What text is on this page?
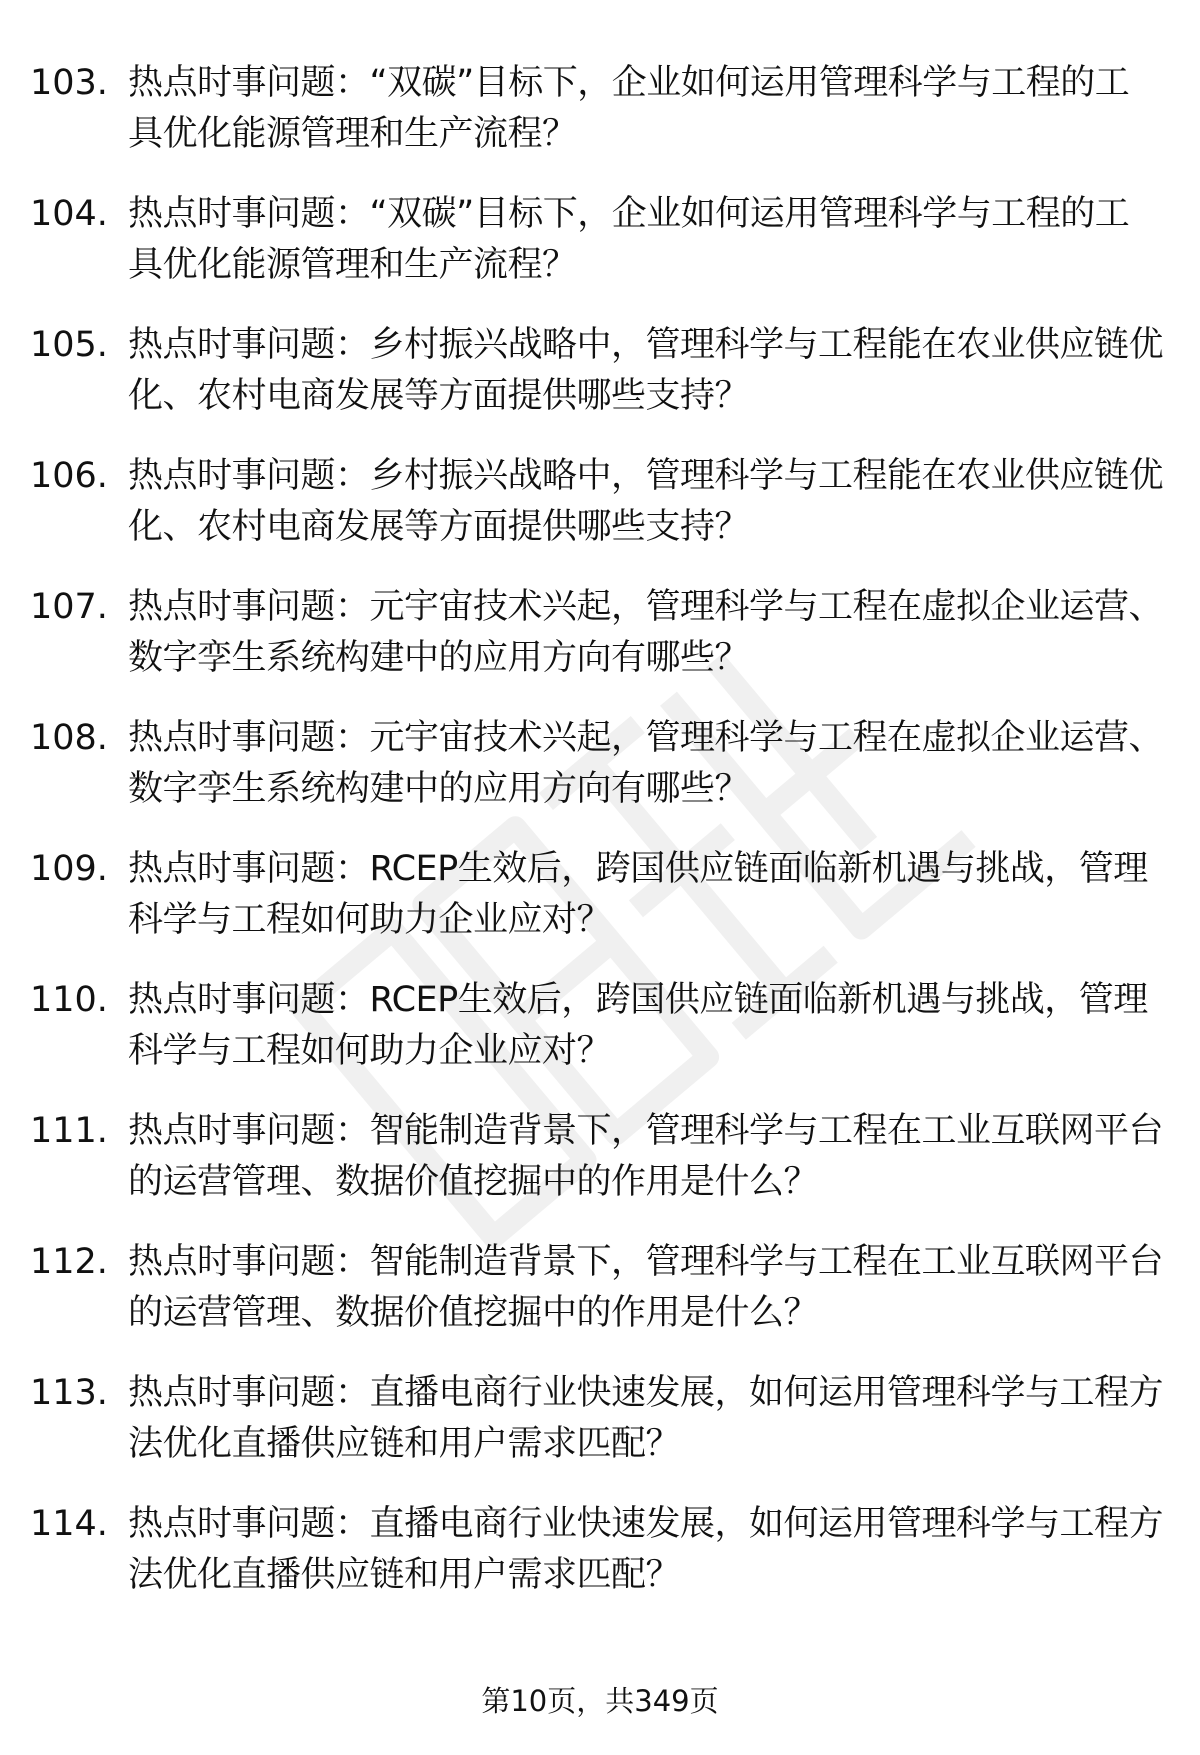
103. 热点时事问题：“双碳”目标下，企业如何运用管理科学与工程的工具优化能源管理和生产流程？
104. 热点时事问题：“双碳”目标下，企业如何运用管理科学与工程的工具优化能源管理和生产流程？
105. 热点时事问题：乡村振兴战略中，管理科学与工程能在农业供应链优化、农村电商发展等方面提供哪些支持？
106. 热点时事问题：乡村振兴战略中，管理科学与工程能在农业供应链优化、农村电商发展等方面提供哪些支持？
107. 热点时事问题：元宇宙技术兴起，管理科学与工程在虚拟企业运营、数字孪生系统构建中的应用方向有哪些？
108. 热点时事问题：元宇宙技术兴起，管理科学与工程在虚拟企业运营、数字孪生系统构建中的应用方向有哪些？
109. 热点时事问题：RCEP生效后，跨国供应链面临新机遇与挑战，管理科学与工程如何助力企业应对？
110. 热点时事问题：RCEP生效后，跨国供应链面临新机遇与挑战，管理科学与工程如何助力企业应对？
111. 热点时事问题：智能制造背景下，管理科学与工程在工业互联网平台的运营管理、数据价值挖掘中的作用是什么？
112. 热点时事问题：智能制造背景下，管理科学与工程在工业互联网平台的运营管理、数据价值挖掘中的作用是什么？
113. 热点时事问题：直播电商行业快速发展，如何运用管理科学与工程方法优化直播供应链和用户需求匹配？
114. 热点时事问题：直播电商行业快速发展，如何运用管理科学与工程方法优化直播供应链和用户需求匹配？
第10页，共349页
